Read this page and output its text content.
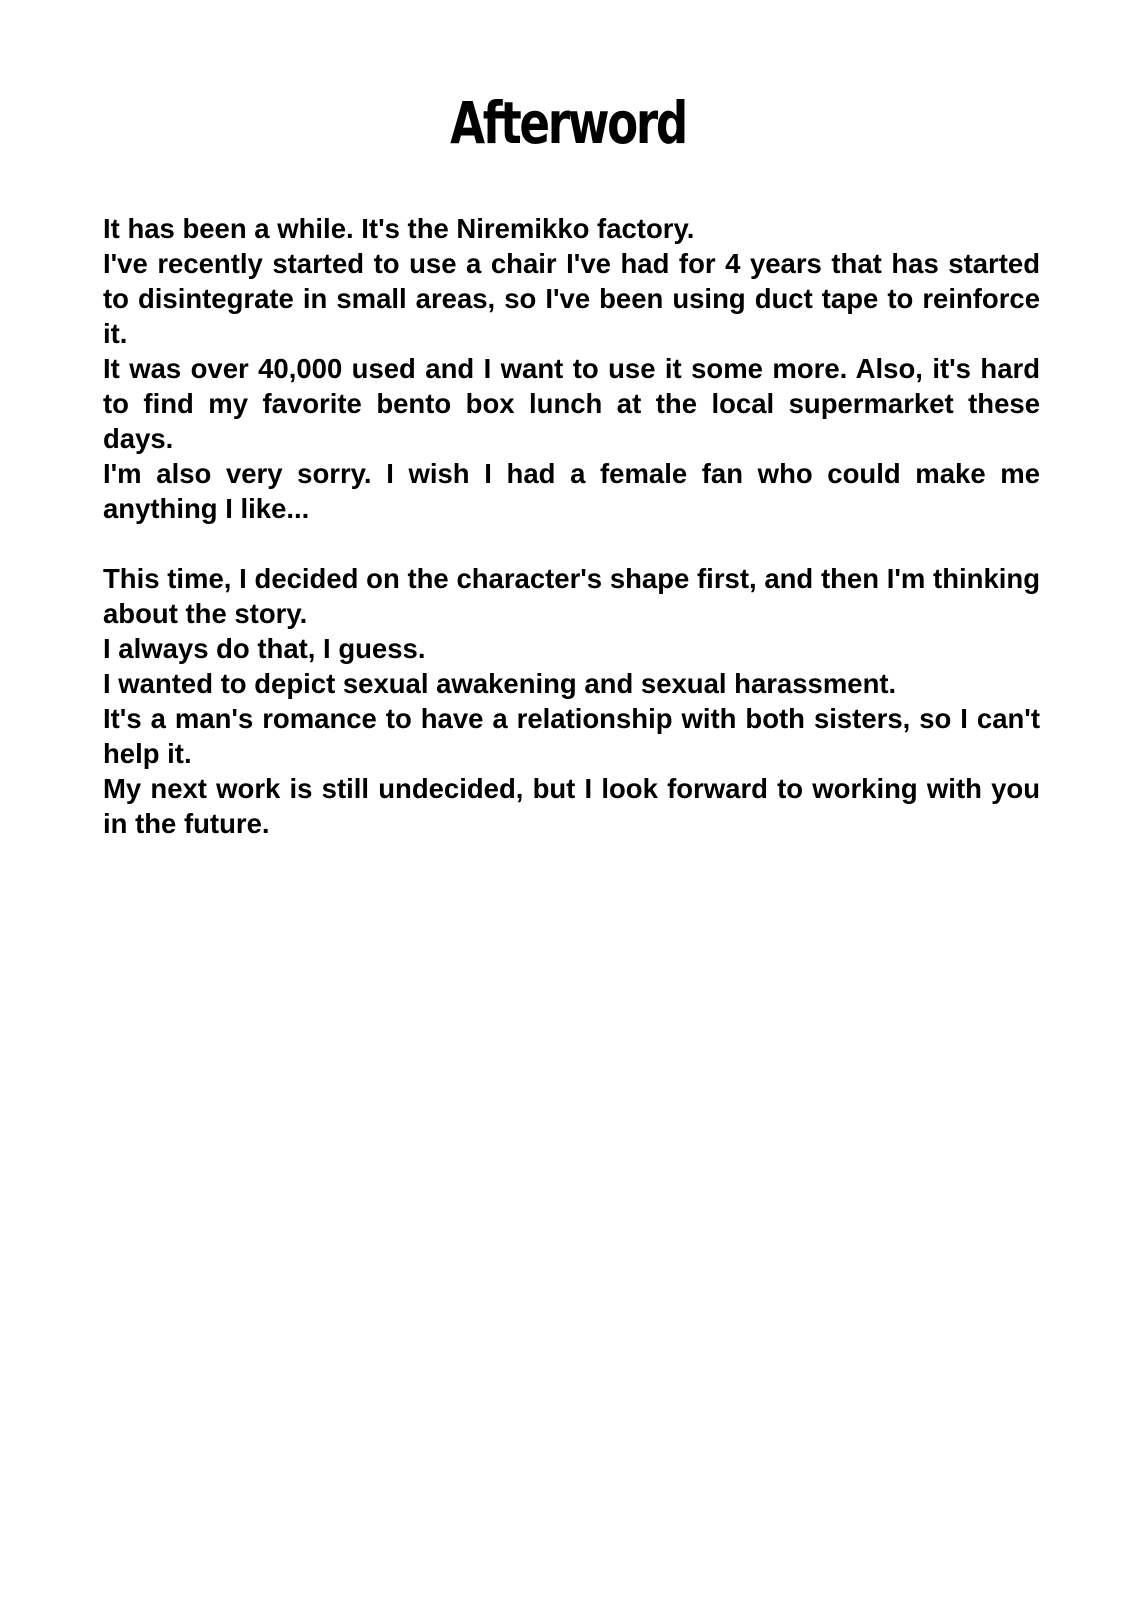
Afterword

It has been a while. It's the Niremikko factory.

I've recently started to use a chair I've had for 4 years that has started to disintegrate in small areas, so I've been using duct tape to reinforce it.

It was over 40,000 used and I want to use it some more. Also, it's hard to find my favorite bento box lunch at the local supermarket these days.

I'm also very sorry. I wish I had a female fan who could make me anything I like...

This time, I decided on the character's shape first, and then I'm thinking about the story.

I always do that, I guess.

I wanted to depict sexual awakening and sexual harassment.

It's a man's romance to have a relationship with both sisters, so I can't help it.

My next work is still undecided, but I look forward to working with you in the future.
